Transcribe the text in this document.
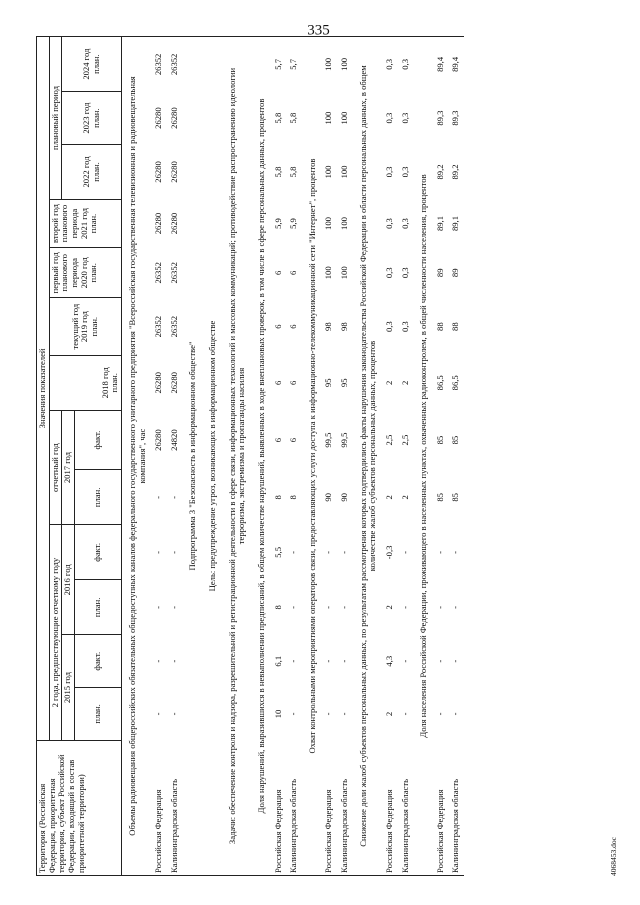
335
Территория (Российская Федерация, приоритетная территория, субъект Российской Федерации, входящий в состав приоритетной территории)	Значения показателей												
	2 года, предшествующие отчетному году				отчетный год		2018 год план.	текущий год 2019 год план.	первый год планового периода 2020 год план.	второй год планового периода 2021 год план.	плановый период		
	2015 год		2016 год		2017 год						2022 год план.	2023 год план.	2024 год план.
	план.	факт.	план.	факт.	план.	факт.							
Объемы радиовещания общероссийских обязательных общедоступных каналов федерального государственного унитарного предприятия "Всероссийская государственная телевизионная и радиовещательная компания", час													
Российская Федерация	-	-	-	-	-	26280	26280	26352	26352	26280	26280	26280	26352
Калининградская область	-	-	-	-	-	24820	26280	26352	26352	26280	26280	26280	26352
Подпрограмма 3 "Безопасность в информационном обществе"													
Цель: предупреждение угроз, возникающих в информационном обществе													
Задачи: обеспечение контроля и надзора, разрешительной и регистрационной деятельности в сфере связи, информационных технологий и массовых коммуникаций; противодействие распространению идеологии терроризма, экстремизма и пропаганды насилия													
Доля нарушений, выразившихся в невыполнении предписаний, в общем количестве нарушений, выявленных в ходе внеплановых проверок, в том числе в сфере персональных данных, процентов													
Российская Федерация	10	6,1	8	5,5	8	6	6	6	6	5,9	5,8	5,8	5,7
Калининградская область	-	-	-	-	8	6	6	6	6	5,9	5,8	5,8	5,7
Охват контрольными мероприятиями операторов связи, предоставляющих услуги доступа к информационно-телекоммуникационной сети "Интернет", процентов													
Российская Федерация	-	-	-	-	90	99,5	95	98	100	100	100	100	100
Калининградская область	-	-	-	-	90	99,5	95	98	100	100	100	100	100
Снижение доли жалоб субъектов персональных данных, по результатам рассмотрения которых подтвердились факты нарушения законодательства Российской Федерации в области персональных данных, в общем количестве жалоб субъектов персональных данных, процентов													
Российская Федерация	2	4,3	2	-0,3	2	2,5	2	0,3	0,3	0,3	0,3	0,3	0,3
Калининградская область	-	-	-	-	2	2,5	2	0,3	0,3	0,3	0,3	0,3	0,3
Доля населения Российской Федерации, проживающего в населенных пунктах, охваченных радиоконтролем, в общей численности населения, процентов													
Российская Федерация	-	-	-	-	85	85	86,5	88	89	89,1	89,2	89,3	89,4
Калининградская область	-	-	-	-	85	85	86,5	88	89	89,1	89,2	89,3	89,4
4068453.doc
